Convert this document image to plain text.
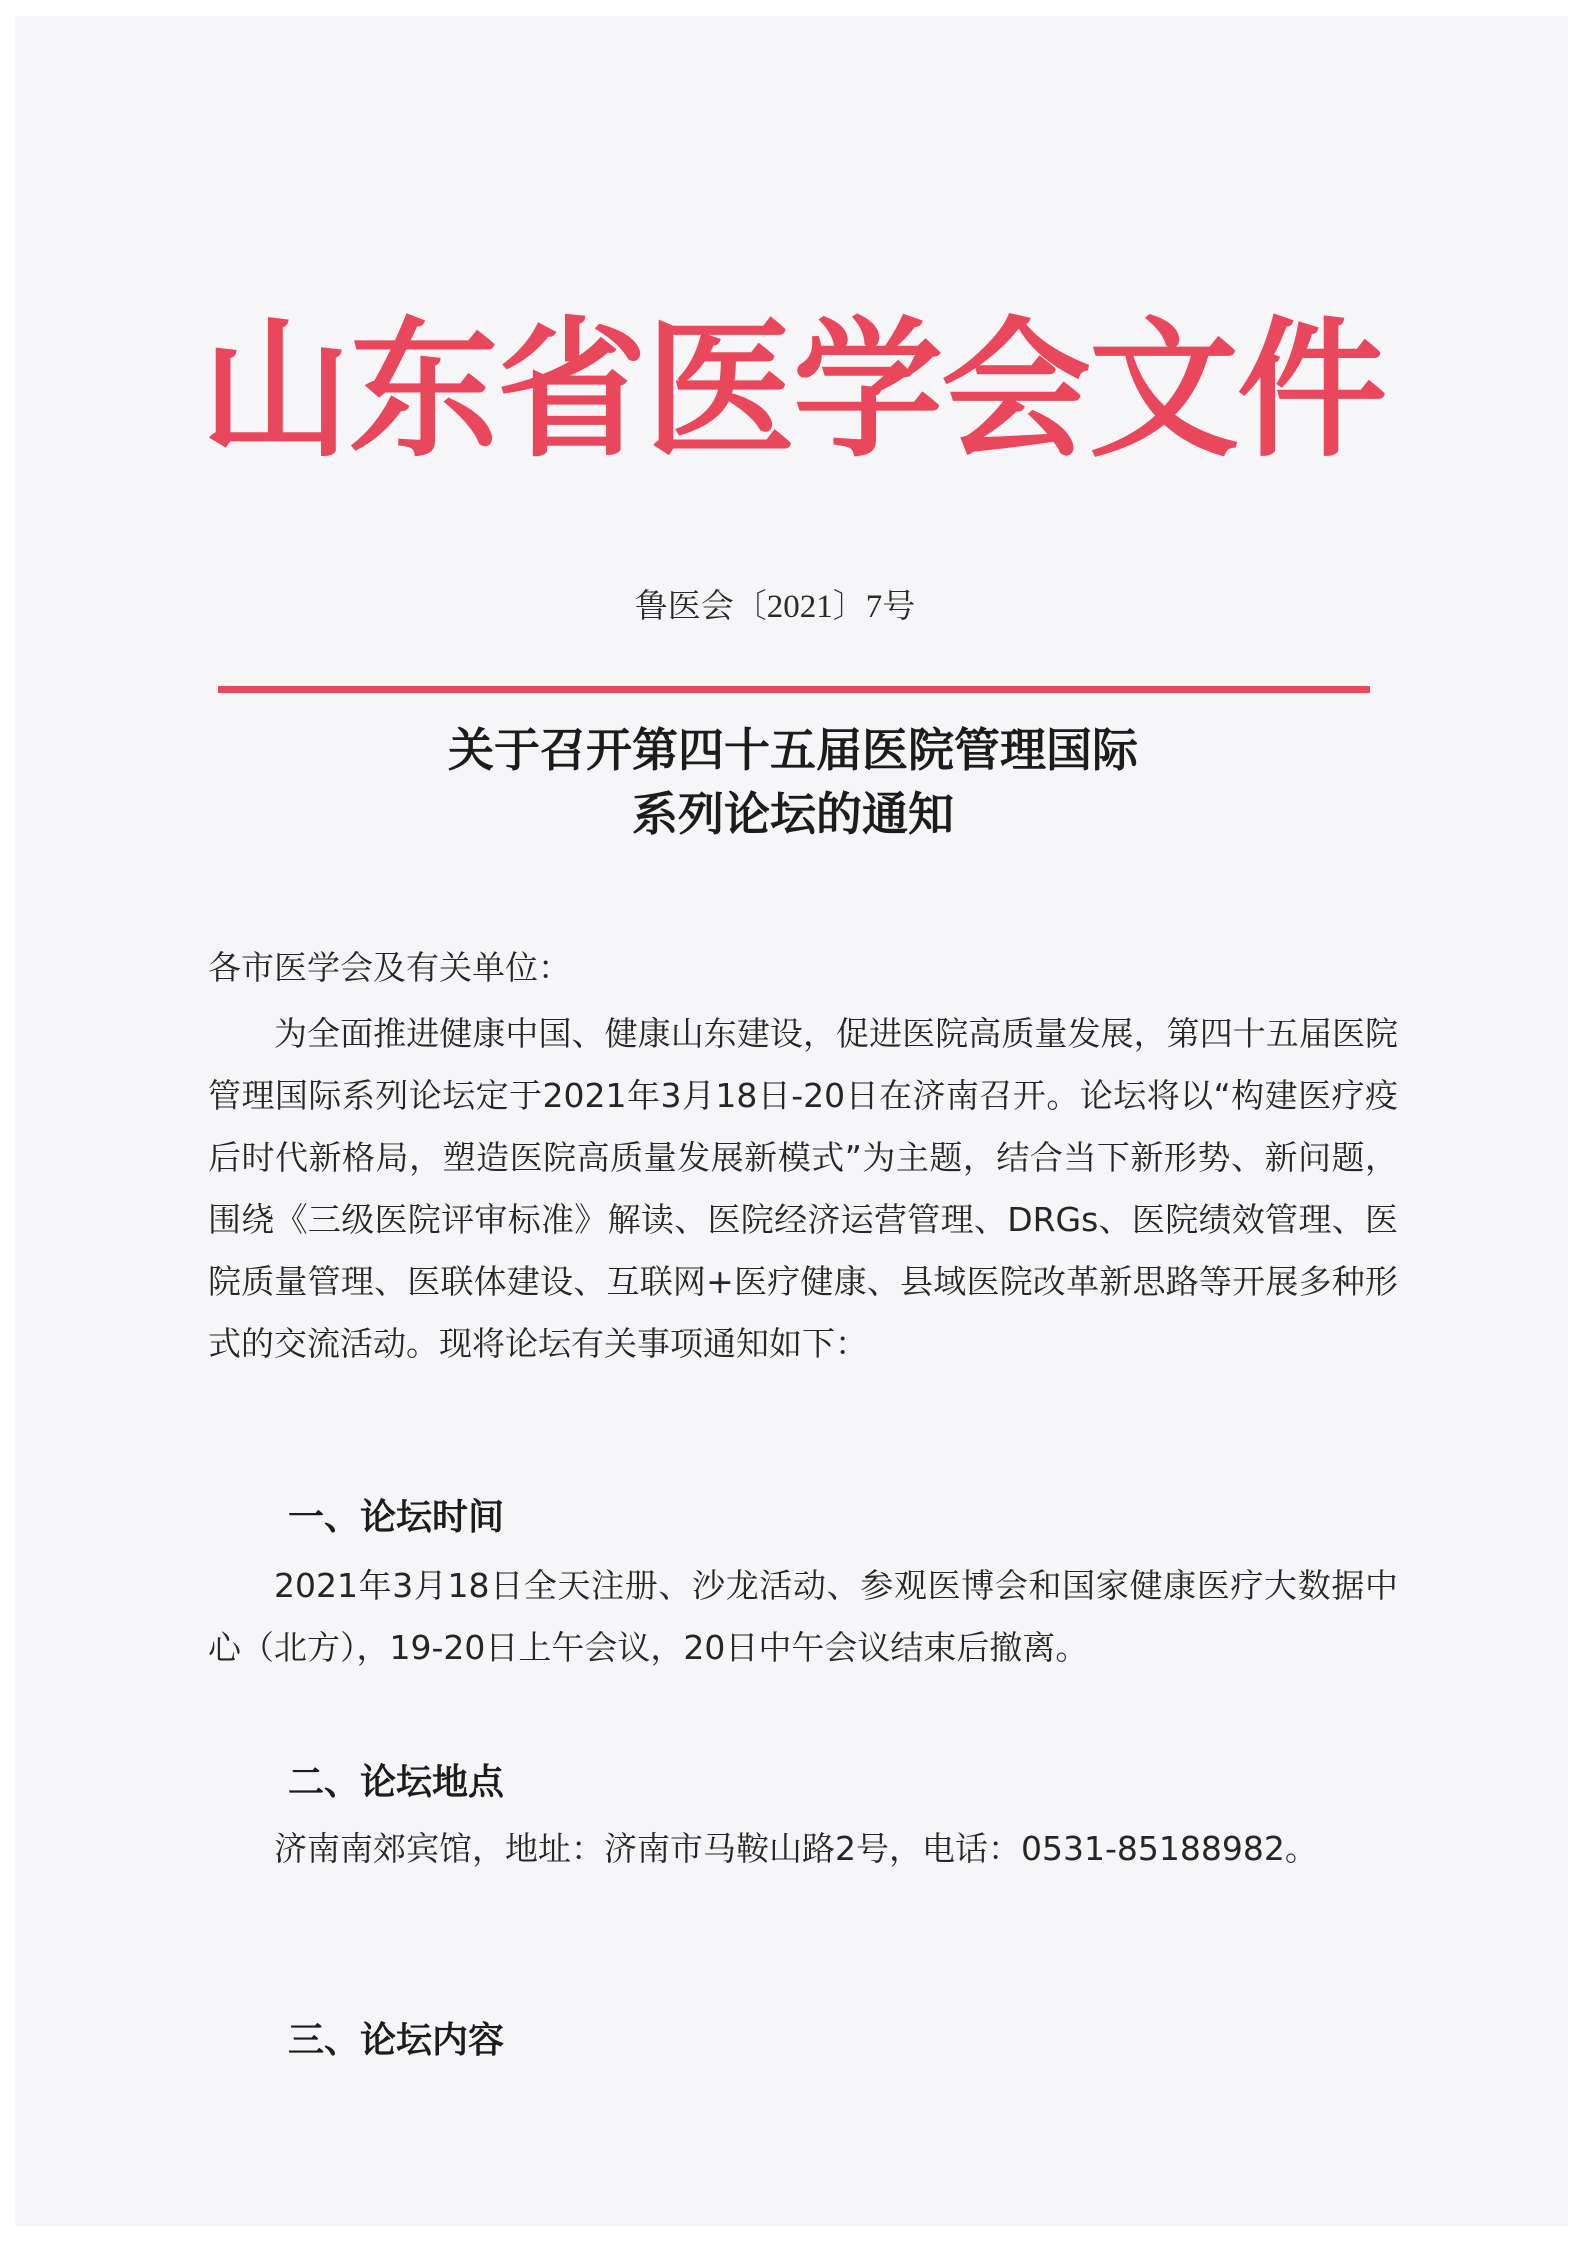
山东省医学会文件
鲁医会〔2021〕7号
关于召开第四十五届医院管理国际
系列论坛的通知
各市医学会及有关单位：

为全面推进健康中国、健康山东建设，促进医院高质量发展，第四十五届医院管理国际系列论坛定于2021年3月18日-20日在济南召开。论坛将以“构建医疗疫后时代新格局，塑造医院高质量发展新模式”为主题，结合当下新形势、新问题，围绕《三级医院评审标准》解读、医院经济运营管理、DRGs、医院绩效管理、医院质量管理、医联体建设、互联网+医疗健康、县域医院改革新思路等开展多种形式的交流活动。现将论坛有关事项通知如下：

一、论坛时间

2021年3月18日全天注册、沙龙活动、参观医博会和国家健康医疗大数据中心（北方），19-20日上午会议，20日中午会议结束后撤离。

二、论坛地点

济南南郊宾馆，地址：济南市马鞍山路2号，电话：0531-85188982。

三、论坛内容
